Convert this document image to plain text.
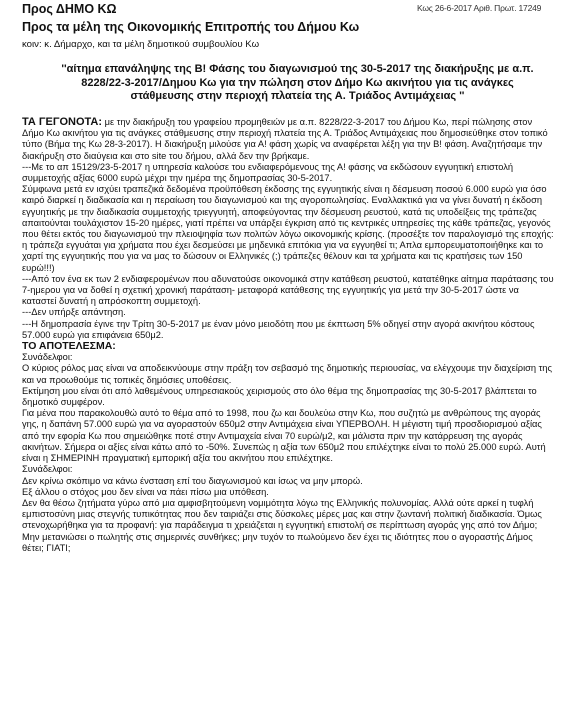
Κως 26-6-2017 Αριθ. Πρωτ. 17249
Προς ΔΗΜΟ ΚΩ
Προς τα μέλη της Οικονομικής Επιτροπής του Δήμου Κω
κοιν: κ. Δήμαρχο, και τα μέλη δημοτικού συμβουλίου Κω
''αίτημα επανάληψης της Β! Φάσης του διαγωνισμού της 30-5-2017 της διακήρυξης με α.π. 8228/22-3-2017/Δημου Κω για την πώληση στον Δήμο Κω ακινήτου για τις ανάγκες στάθμευσης στην περιοχή πλατεία της Α. Τριάδος Αντιμάχειας ''

ΤΑ ΓΕΓΟΝΟΤΑ: με την διακήρυξη του γραφείου προμηθειών με α.π. 8228/22-3-2017 του Δήμου Κω, περί πώλησης στον Δήμο Κω ακινήτου για τις ανάγκες στάθμευσης στην περιοχή πλατεία της Α. Τριάδος Αντιμάχειας που δημοσιεύθηκε στον τοπικό τύπο (Βήμα της Κω 28-3-2017). Η διακήρυξη μιλούσε για Α! φάση χωρίς να αναφέρεται λέξη για την Β! φάση. Αναζητήσαμε την διακήρυξη στο διαύγεια και στο site του δήμου, αλλά δεν την βρήκαμε.

---Με το απ 15129/23-5-2017 η υπηρεσία καλούσε του ενδιαφερόμενους της Α! φάσης να εκδώσουν εγγυητική επιστολή συμμετοχής αξίας 6000 ευρώ μέχρι την ημέρα της δημοπρασίας 30-5-2017.

Σύμφωνα μετά εν ισχύει τραπεζικά δεδομένα προϋπόθεση έκδοσης της εγγυητικής είναι η δέσμευση ποσού 6.000 ευρώ για όσο καιρό διαρκεί η διαδικασία και η περαίωση του διαγωνισμού και της αγοροπωλησίας. Εναλλακτικά για να γίνει δυνατή η έκδοση εγγυητικής με την διαδικασία συμμετοχής τριεγγυητή, αποφεύγοντας την δέσμευση ρευστού, κατά τις υποδείξεις της τράπεζας απαιτούνται τουλάχιστον 15-20 ημέρες, γιατί πρέπει να υπάρξει έγκριση από τις κεντρικές υπηρεσίες της κάθε τράπεζας, γεγονός που θέτει εκτός του διαγωνισμού την πλειοψηφία των πολιτών λόγω οικονομικής κρίσης. (προσέξτε τον παραλογισμό της εποχής: η τράπεζα εγγυάται για χρήματα που έχει δεσμεύσει με μηδενικά επιτόκια για να εγγυηθεί τι; Απλα εμπορευματοποιήθηκε και το χαρτί της εγγυητικής που για να μας το δώσουν οι Ελληνικές (;) τράπεζες θέλουν και τα χρήματα και τις κρατήσεις των 150 ευρώ!!!)

---Από τον ένα εκ των 2 ενδιαφερομένων που αδυνατούσε οικονομικά στην κατάθεση ρευστού, κατατέθηκε αίτημα παράτασης του 7-ημερου για να δοθεί η σχετική χρονική παράταση- μεταφορά κατάθεσης της εγγυητικής για μετά την 30-5-2017 ώστε να καταστεί δυνατή η απρόσκοπτη συμμετοχή.

---Δεν υπήρξε απάντηση.

---Η δημοπρασία έγινε την Τρίτη 30-5-2017 με έναν μόνο μειοδότη που με έκπτωση 5% οδηγεί στην αγορά ακινήτου κόστους 57.000 ευρώ για επιφάνεια 650μ2.

ΤΟ ΑΠΟΤΕΛΕΣΜΑ:

Συνάδελφοι:

Ο κύριος ρόλος μας είναι να αποδεικνύουμε στην πράξη τον σεβασμό της δημοτικής περιουσίας, να ελέγχουμε την διαχείριση της και να προωθούμε τις τοπικές δημόσιες υποθέσεις.

Εκτίμηση μου είναι ότι από λαθεμένους υπηρεσιακούς χειρισμούς στο όλο θέμα της δημοπρασίας της 30-5-2017 βλάπτεται το δημοτικό συμφέρον.

Για μένα που παρακολουθώ αυτό το θέμα από το 1998, που ζω και δουλεύω στην Κω, που συζητώ με ανθρώπους της αγοράς γης, η δαπάνη 57.000 ευρώ για να αγοραστούν 650μ2 στην Αντιμάχεια είναι ΥΠΕΡΒΟΛΗ. Η μέγιστη τιμή προσδιορισμού αξίας από την εφορία Κω που σημειώθηκε ποτέ στην Αντιμαχεία είναι 70 ευρώ/μ2, και μάλιστα πριν την κατάρρευση της αγοράς ακινήτων. Σήμερα οι αξίες είναι κάτω από το -50%. Συνεπώς η αξία των 650μ2 που επιλέχτηκε είναι το πολύ 25.000 ευρώ. Αυτή είναι η ΣΗΜΕΡΙΝΗ πραγματική εμπορική αξία του ακινήτου που επιλέχτηκε.

Συνάδελφοι:

Δεν κρίνω σκόπιμο να κάνω ένσταση επί του διαγωνισμού και ίσως να μην μπορώ.

Εξ άλλου ο στόχος μου δεν είναι να πάει πίσω μια υπόθεση.

Δεν θα θέσω ζητήματα γύρω από μια αμφισβητούμενη νομιμότητα λόγω της Ελληνικής πολυνομίας. Αλλά ούτε αρκεί η τυφλή εμπιστοσύνη μιας στεγνής τυπικότητας που δεν ταιριάζει στις δύσκολες μέρες μας και στην ζωντανή πολιτική διαδικασία. Όμως στενοχωρήθηκα για τα προφανή: για παράδειγμα τι χρειάζεται η εγγυητική επιστολή σε περίπτωση αγοράς γης από τον Δήμο; Μην μετανιώσει ο πωλητής στις σημερινές συνθήκες; μην τυχόν το πωλούμενο δεν έχει τις ιδιότητες που ο αγοραστής Δήμος θέτει; ΓΙΑΤΙ;
